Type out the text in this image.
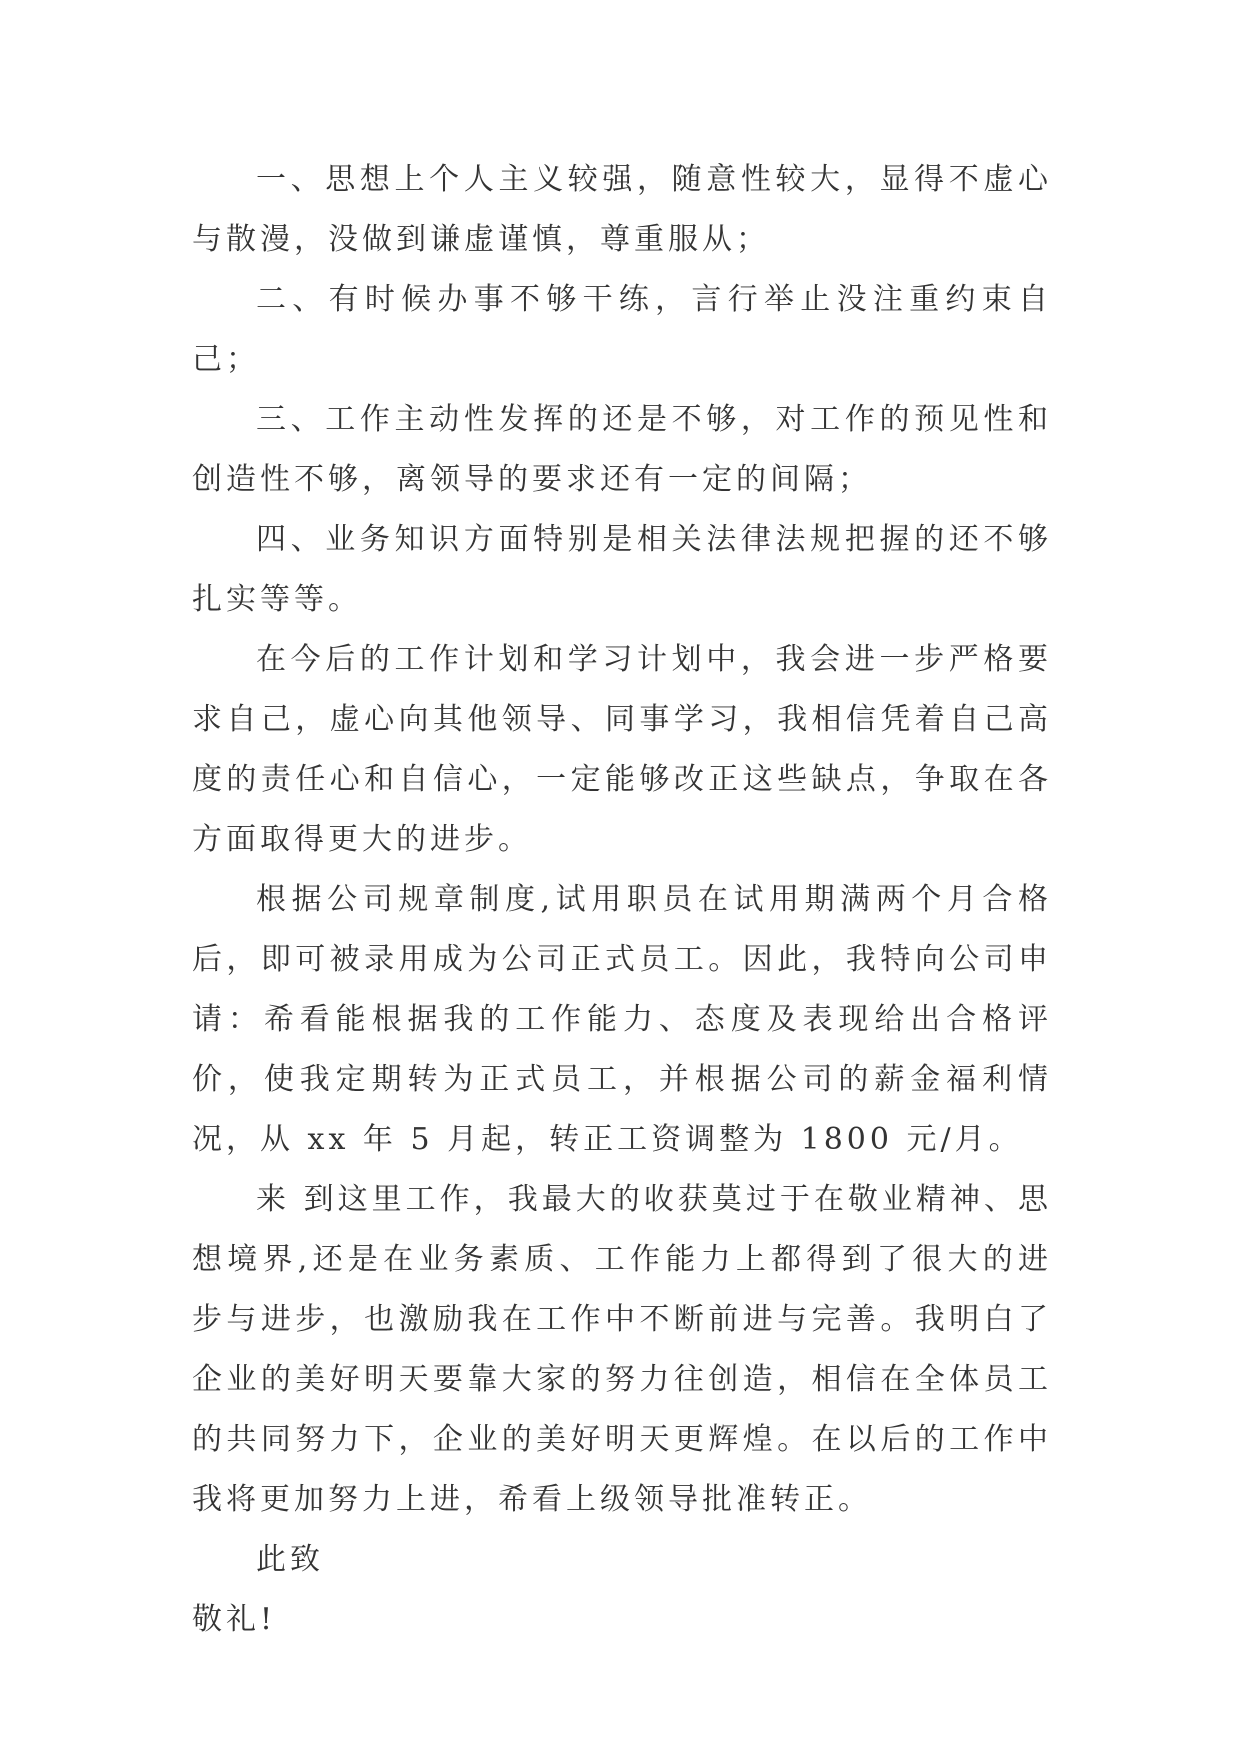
一、思想上个人主义较强，随意性较大，显得不虚心与散漫，没做到谦虚谨慎，尊重服从；

二、有时候办事不够干练，言行举止没注重约束自己；

三、工作主动性发挥的还是不够，对工作的预见性和创造性不够，离领导的要求还有一定的间隔；

四、业务知识方面特别是相关法律法规把握的还不够扎实等等。

在今后的工作计划和学习计划中，我会进一步严格要求自己，虚心向其他领导、同事学习，我相信凭着自己高度的责任心和自信心，一定能够改正这些缺点，争取在各方面取得更大的进步。

根据公司规章制度,试用职员在试用期满两个月合格后，即可被录用成为公司正式员工。因此，我特向公司申请：希看能根据我的工作能力、态度及表现给出合格评价，使我定期转为正式员工，并根据公司的薪金福利情况，从 xx 年 5 月起，转正工资调整为 1800 元/月。

来 到这里工作，我最大的收获莫过于在敬业精神、思想境界,还是在业务素质、工作能力上都得到了很大的进步与进步，也激励我在工作中不断前进与完善。我明白了 企业的美好明天要靠大家的努力往创造，相信在全体员工的共同努力下，企业的美好明天更辉煌。在以后的工作中我将更加努力上进，希看上级领导批准转正。

此致

敬礼!
